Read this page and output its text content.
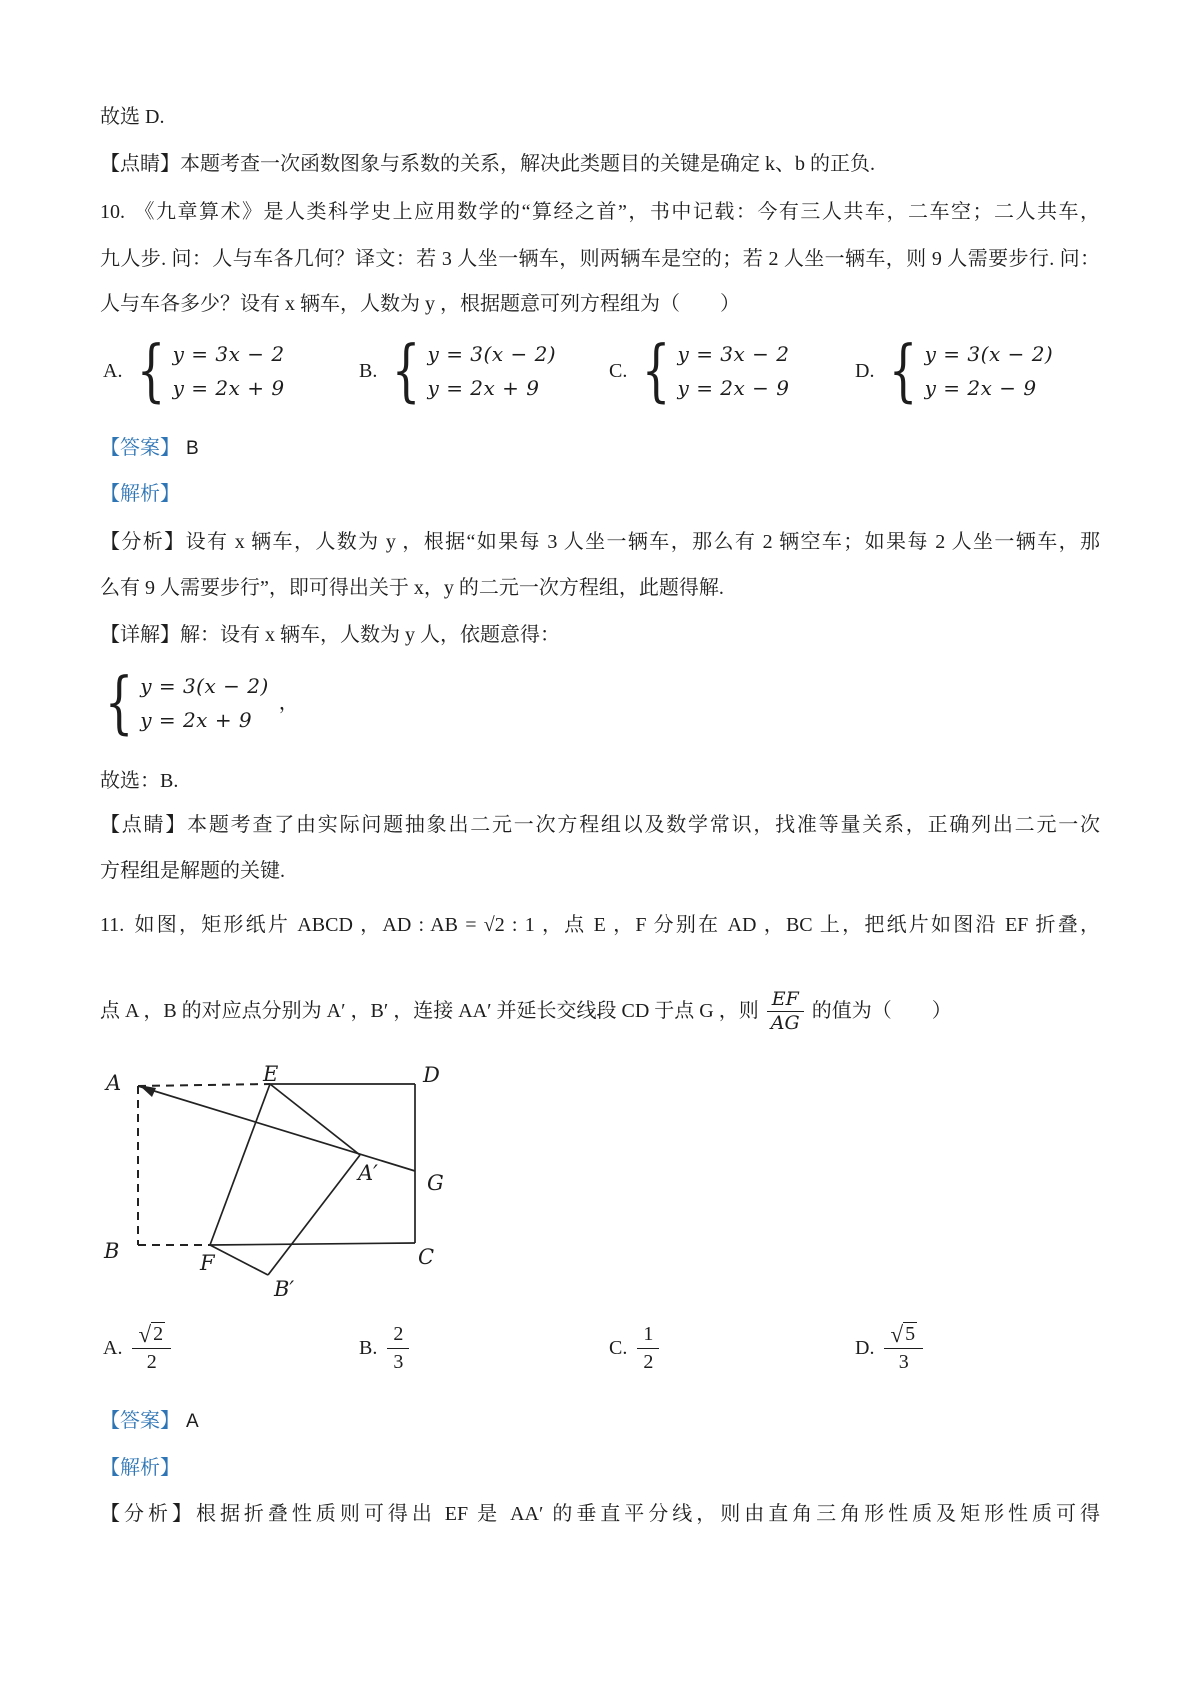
故选 D.
【点睛】本题考查一次函数图象与系数的关系，解决此类题目的关键是确定 k、b 的正负.
10. 《九章算术》是人类科学史上应用数学的“算经之首”，书中记载：今有三人共车，二车空；二人共车，
九人步. 问：人与车各几何？译文：若 3 人坐一辆车，则两辆车是空的；若 2 人坐一辆车，则 9 人需要步行. 问：
人与车各多少？设有 x 辆车，人数为 y ，根据题意可列方程组为（　　）
A. { y = 3x − 2
y = 2x + 9
B. { y = 3(x − 2)
y = 2x + 9
C. { y = 3x − 2
y = 2x − 9
D. { y = 3(x − 2)
y = 2x − 9
【答案】 B
【解析】
【分析】设有 x 辆车，人数为 y ，根据“如果每 3 人坐一辆车，那么有 2 辆空车；如果每 2 人坐一辆车，那
么有 9 人需要步行”，即可得出关于 x，y 的二元一次方程组，此题得解.
【详解】解：设有 x 辆车，人数为 y 人，依题意得：
{ y = 3(x − 2)
y = 2x + 9
，
故选：B.
【点睛】本题考查了由实际问题抽象出二元一次方程组以及数学常识，找准等量关系，正确列出二元一次
方程组是解题的关键.
11. 如图，矩形纸片 ABCD ，AD : AB = √2 : 1 ，点 E ，F 分别在 AD ，BC 上，把纸片如图沿 EF 折叠，
点 A ，B 的对应点分别为 A′ ，B′ ，连接 AA′ 并延长交线段 CD 于点 G ，则 $\frac{EF}{AG}$ 的值为（　　）
A	E	D
B	F	C
G
A′
B′
A. $\frac{√ 2}{2}$	B. $\frac{2}{3}$	C. $\frac{1}{2}$	D. $\frac{√ 5}{3}$
【答案】 A
【解析】
【分析】根据折叠性质则可得出 EF 是 AA′ 的垂直平分线，则由直角三角形性质及矩形性质可得
